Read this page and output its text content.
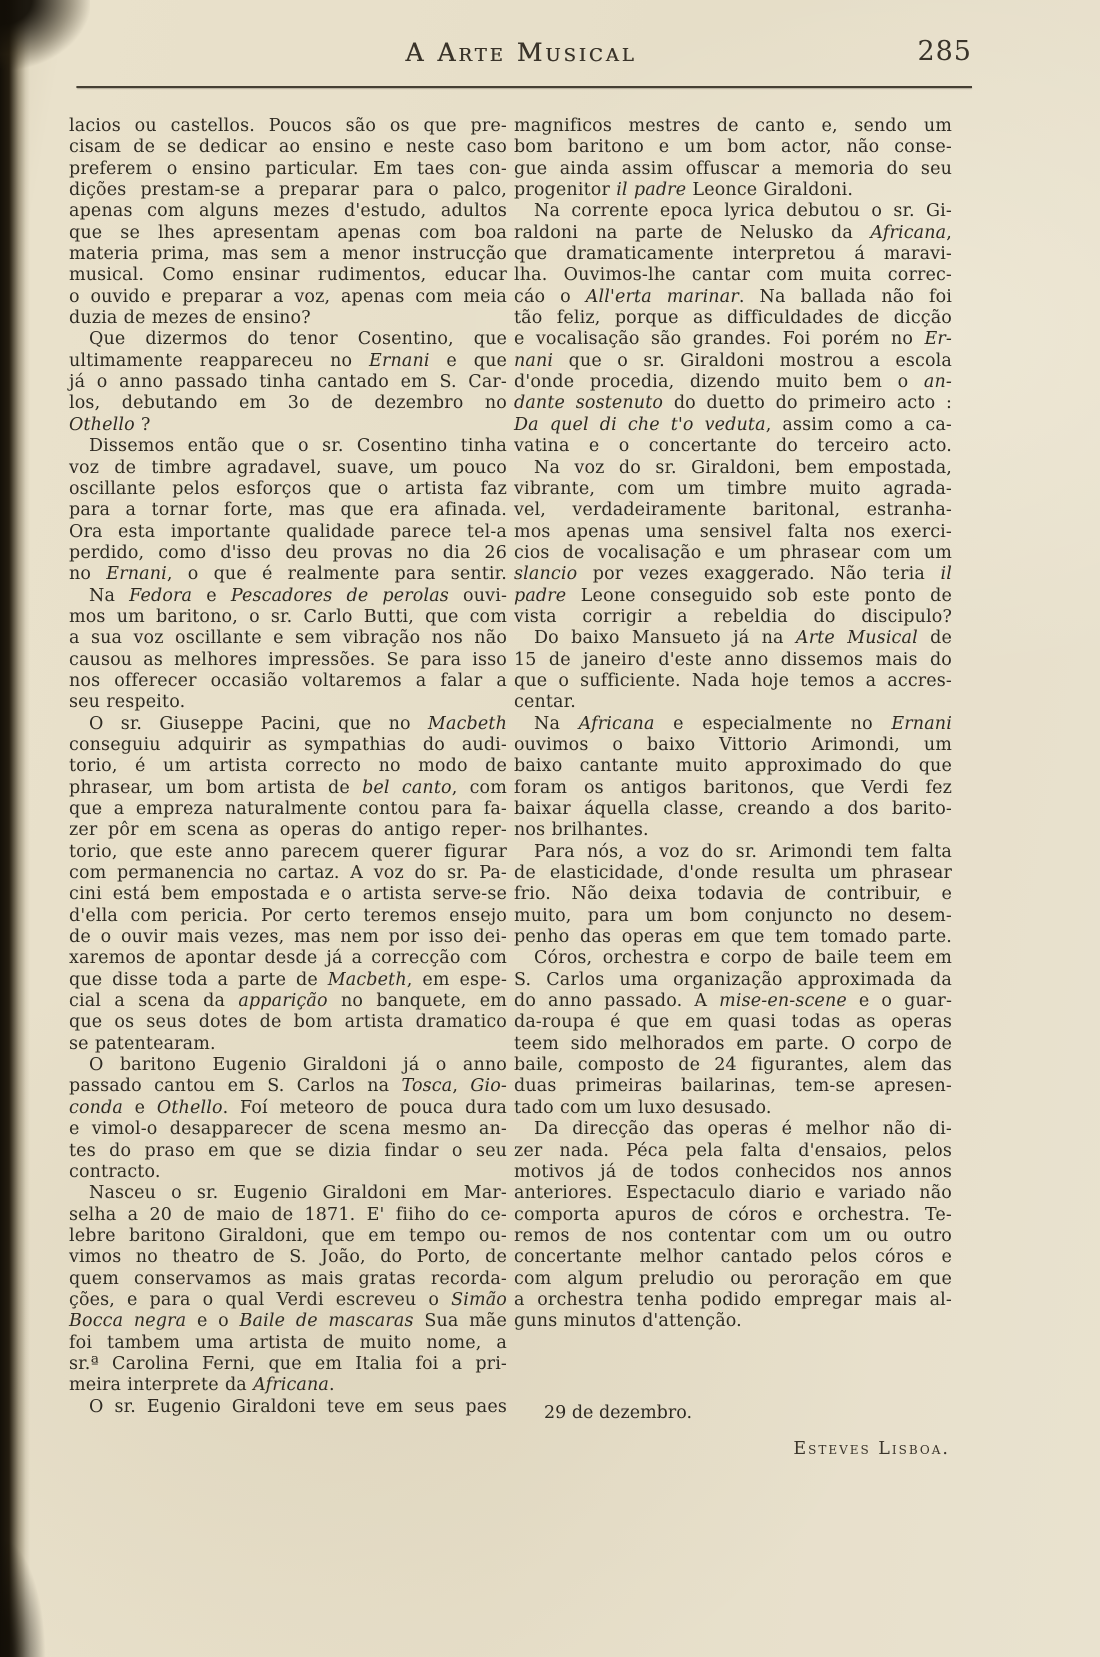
A Arte Musical	285
lacios ou castellos. Poucos são os que pre-
cisam de se dedicar ao ensino e neste caso
preferem o ensino particular. Em taes con-
dições prestam-se a preparar para o palco,
apenas com alguns mezes d'estudo, adultos
que se lhes apresentam apenas com boa
materia prima, mas sem a menor instrucção
musical. Como ensinar rudimentos, educar
o ouvido e preparar a voz, apenas com meia
duzia de mezes de ensino?
Que dizermos do tenor Cosentino, que
ultimamente reappareceu no Ernani e que
já o anno passado tinha cantado em S. Car-
los, debutando em 3o de dezembro no
Othello ?
Dissemos então que o sr. Cosentino tinha
voz de timbre agradavel, suave, um pouco
oscillante pelos esforços que o artista faz
para a tornar forte, mas que era afinada.
Ora esta importante qualidade parece tel-a
perdido, como d'isso deu provas no dia 26
no Ernani, o que é realmente para sentir.
Na Fedora e Pescadores de perolas ouvi-
mos um baritono, o sr. Carlo Butti, que com
a sua voz oscillante e sem vibração nos não
causou as melhores impressões. Se para isso
nos offerecer occasião voltaremos a falar a
seu respeito.
O sr. Giuseppe Pacini, que no Macbeth
conseguiu adquirir as sympathias do audi-
torio, é um artista correcto no modo de
phrasear, um bom artista de bel canto, com
que a empreza naturalmente contou para fa-
zer pôr em scena as operas do antigo reper-
torio, que este anno parecem querer figurar
com permanencia no cartaz. A voz do sr. Pa-
cini está bem empostada e o artista serve-se
d'ella com pericia. Por certo teremos ensejo
de o ouvir mais vezes, mas nem por isso dei-
xaremos de apontar desde já a correcção com
que disse toda a parte de Macbeth, em espe-
cial a scena da apparição no banquete, em
que os seus dotes de bom artista dramatico
se patentearam.
O baritono Eugenio Giraldoni já o anno
passado cantou em S. Carlos na Tosca, Gio-
conda e Othello. Foí meteoro de pouca dura
e vimol-o desapparecer de scena mesmo an-
tes do praso em que se dizia findar o seu
contracto.
Nasceu o sr. Eugenio Giraldoni em Mar-
selha a 20 de maio de 1871. E' fiiho do ce-
lebre baritono Giraldoni, que em tempo ou-
vimos no theatro de S. João, do Porto, de
quem conservamos as mais gratas recorda-
ções, e para o qual Verdi escreveu o Simão
Bocca negra e o Baile de mascaras Sua mãe
foi tambem uma artista de muito nome, a
sr.ª Carolina Ferni, que em Italia foi a pri-
meira interprete da Africana.
O sr. Eugenio Giraldoni teve em seus paes
magnificos mestres de canto e, sendo um
bom baritono e um bom actor, não conse-
gue ainda assim offuscar a memoria do seu
progenitor il padre Leonce Giraldoni.
Na corrente epoca lyrica debutou o sr. Gi-
raldoni na parte de Nelusko da Africana,
que dramaticamente interpretou á maravi-
lha. Ouvimos-lhe cantar com muita correc-
cáo o All'erta marinar. Na ballada não foi
tão feliz, porque as difficuldades de dicção
e vocalisação são grandes. Foi porém no Er-
nani que o sr. Giraldoni mostrou a escola
d'onde procedia, dizendo muito bem o an-
dante sostenuto do duetto do primeiro acto :
Da quel di che t'o veduta, assim como a ca-
vatina e o concertante do terceiro acto.
Na voz do sr. Giraldoni, bem empostada,
vibrante, com um timbre muito agrada-
vel, verdadeiramente baritonal, estranha-
mos apenas uma sensivel falta nos exerci-
cios de vocalisação e um phrasear com um
slancio por vezes exaggerado. Não teria il
padre Leone conseguido sob este ponto de
vista corrigir a rebeldia do discipulo?
Do baixo Mansueto já na Arte Musical de
15 de janeiro d'este anno dissemos mais do
que o sufficiente. Nada hoje temos a accres-
centar.
Na Africana e especialmente no Ernani
ouvimos o baixo Vittorio Arimondi, um
baixo cantante muito approximado do que
foram os antigos baritonos, que Verdi fez
baixar áquella classe, creando a dos barito-
nos brilhantes.
Para nós, a voz do sr. Arimondi tem falta
de elasticidade, d'onde resulta um phrasear
frio. Não deixa todavia de contribuir, e
muito, para um bom conjuncto no desem-
penho das operas em que tem tomado parte.
Córos, orchestra e corpo de baile teem em
S. Carlos uma organização approximada da
do anno passado. A mise-en-scene e o guar-
da-roupa é que em quasi todas as operas
teem sido melhorados em parte. O corpo de
baile, composto de 24 figurantes, alem das
duas primeiras bailarinas, tem-se apresen-
tado com um luxo desusado.
Da direcção das operas é melhor não di-
zer nada. Péca pela falta d'ensaios, pelos
motivos já de todos conhecidos nos annos
anteriores. Espectaculo diario e variado não
comporta apuros de córos e orchestra. Te-
remos de nos contentar com um ou outro
concertante melhor cantado pelos córos e
com algum preludio ou peroração em que
a orchestra tenha podido empregar mais al-
guns minutos d'attenção.
29 de dezembro.
Esteves Lisboa.
